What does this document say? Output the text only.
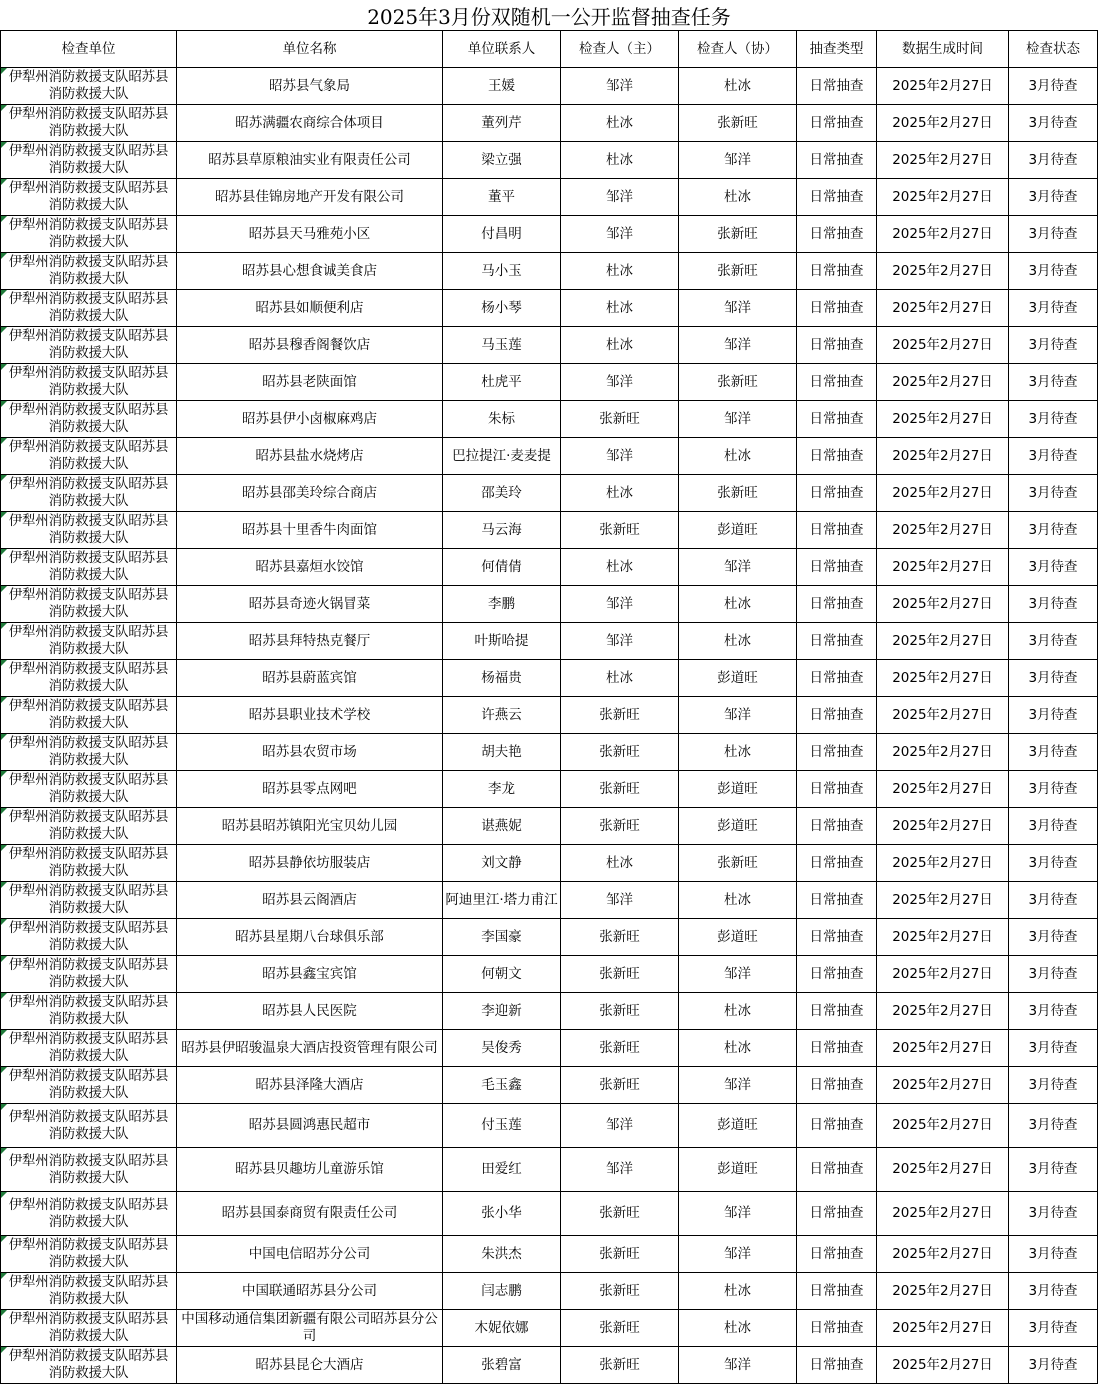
2025年3月份双随机一公开监督抽查任务
检查单位	单位名称	单位联系人	检查人（主）	检查人（协）	抽查类型	数据生成时间	检查状态
伊犁州消防救援支队昭苏县消防救援大队	昭苏县气象局	王媛	邹洋	杜冰	日常抽查	2025年2月27日	3月待查
伊犁州消防救援支队昭苏县消防救援大队	昭苏满疆农商综合体项目	董列芹	杜冰	张新旺	日常抽查	2025年2月27日	3月待查
伊犁州消防救援支队昭苏县消防救援大队	昭苏县草原粮油实业有限责任公司	梁立强	杜冰	邹洋	日常抽查	2025年2月27日	3月待查
伊犁州消防救援支队昭苏县消防救援大队	昭苏县佳锦房地产开发有限公司	董平	邹洋	杜冰	日常抽查	2025年2月27日	3月待查
伊犁州消防救援支队昭苏县消防救援大队	昭苏县天马雅苑小区	付昌明	邹洋	张新旺	日常抽查	2025年2月27日	3月待查
伊犁州消防救援支队昭苏县消防救援大队	昭苏县心想食诚美食店	马小玉	杜冰	张新旺	日常抽查	2025年2月27日	3月待查
伊犁州消防救援支队昭苏县消防救援大队	昭苏县如顺便利店	杨小琴	杜冰	邹洋	日常抽查	2025年2月27日	3月待查
伊犁州消防救援支队昭苏县消防救援大队	昭苏县穆香阁餐饮店	马玉莲	杜冰	邹洋	日常抽查	2025年2月27日	3月待查
伊犁州消防救援支队昭苏县消防救援大队	昭苏县老陕面馆	杜虎平	邹洋	张新旺	日常抽查	2025年2月27日	3月待查
伊犁州消防救援支队昭苏县消防救援大队	昭苏县伊小卤椒麻鸡店	朱标	张新旺	邹洋	日常抽查	2025年2月27日	3月待查
伊犁州消防救援支队昭苏县消防救援大队	昭苏县盐水烧烤店	巴拉提江·麦麦提	邹洋	杜冰	日常抽查	2025年2月27日	3月待查
伊犁州消防救援支队昭苏县消防救援大队	昭苏县邵美玲综合商店	邵美玲	杜冰	张新旺	日常抽查	2025年2月27日	3月待查
伊犁州消防救援支队昭苏县消防救援大队	昭苏县十里香牛肉面馆	马云海	张新旺	彭道旺	日常抽查	2025年2月27日	3月待查
伊犁州消防救援支队昭苏县消防救援大队	昭苏县嘉烜水饺馆	何倩倩	杜冰	邹洋	日常抽查	2025年2月27日	3月待查
伊犁州消防救援支队昭苏县消防救援大队	昭苏县奇迹火锅冒菜	李鹏	邹洋	杜冰	日常抽查	2025年2月27日	3月待查
伊犁州消防救援支队昭苏县消防救援大队	昭苏县拜特热克餐厅	叶斯哈提	邹洋	杜冰	日常抽查	2025年2月27日	3月待查
伊犁州消防救援支队昭苏县消防救援大队	昭苏县蔚蓝宾馆	杨福贵	杜冰	彭道旺	日常抽查	2025年2月27日	3月待查
伊犁州消防救援支队昭苏县消防救援大队	昭苏县职业技术学校	许燕云	张新旺	邹洋	日常抽查	2025年2月27日	3月待查
伊犁州消防救援支队昭苏县消防救援大队	昭苏县农贸市场	胡夫艳	张新旺	杜冰	日常抽查	2025年2月27日	3月待查
伊犁州消防救援支队昭苏县消防救援大队	昭苏县零点网吧	李龙	张新旺	彭道旺	日常抽查	2025年2月27日	3月待查
伊犁州消防救援支队昭苏县消防救援大队	昭苏县昭苏镇阳光宝贝幼儿园	谌燕妮	张新旺	彭道旺	日常抽查	2025年2月27日	3月待查
伊犁州消防救援支队昭苏县消防救援大队	昭苏县静依坊服装店	刘文静	杜冰	张新旺	日常抽查	2025年2月27日	3月待查
伊犁州消防救援支队昭苏县消防救援大队	昭苏县云阁酒店	阿迪里江·塔力甫江	邹洋	杜冰	日常抽查	2025年2月27日	3月待查
伊犁州消防救援支队昭苏县消防救援大队	昭苏县星期八台球俱乐部	李国豪	张新旺	彭道旺	日常抽查	2025年2月27日	3月待查
伊犁州消防救援支队昭苏县消防救援大队	昭苏县鑫宝宾馆	何朝文	张新旺	邹洋	日常抽查	2025年2月27日	3月待查
伊犁州消防救援支队昭苏县消防救援大队	昭苏县人民医院	李迎新	张新旺	杜冰	日常抽查	2025年2月27日	3月待查
伊犁州消防救援支队昭苏县消防救援大队	昭苏县伊昭骏温泉大酒店投资管理有限公司	吴俊秀	张新旺	杜冰	日常抽查	2025年2月27日	3月待查
伊犁州消防救援支队昭苏县消防救援大队	昭苏县泽隆大酒店	毛玉鑫	张新旺	邹洋	日常抽查	2025年2月27日	3月待查
伊犁州消防救援支队昭苏县消防救援大队	昭苏县圆鸿惠民超市	付玉莲	邹洋	彭道旺	日常抽查	2025年2月27日	3月待查
伊犁州消防救援支队昭苏县消防救援大队	昭苏县贝趣坊儿童游乐馆	田爱红	邹洋	彭道旺	日常抽查	2025年2月27日	3月待查
伊犁州消防救援支队昭苏县消防救援大队	昭苏县国泰商贸有限责任公司	张小华	张新旺	邹洋	日常抽查	2025年2月27日	3月待查
伊犁州消防救援支队昭苏县消防救援大队	中国电信昭苏分公司	朱洪杰	张新旺	邹洋	日常抽查	2025年2月27日	3月待查
伊犁州消防救援支队昭苏县消防救援大队	中国联通昭苏县分公司	闫志鹏	张新旺	杜冰	日常抽查	2025年2月27日	3月待查
伊犁州消防救援支队昭苏县消防救援大队	中国移动通信集团新疆有限公司昭苏县分公司	木妮依娜	张新旺	杜冰	日常抽查	2025年2月27日	3月待查
伊犁州消防救援支队昭苏县消防救援大队	昭苏县昆仑大酒店	张碧富	张新旺	邹洋	日常抽查	2025年2月27日	3月待查
